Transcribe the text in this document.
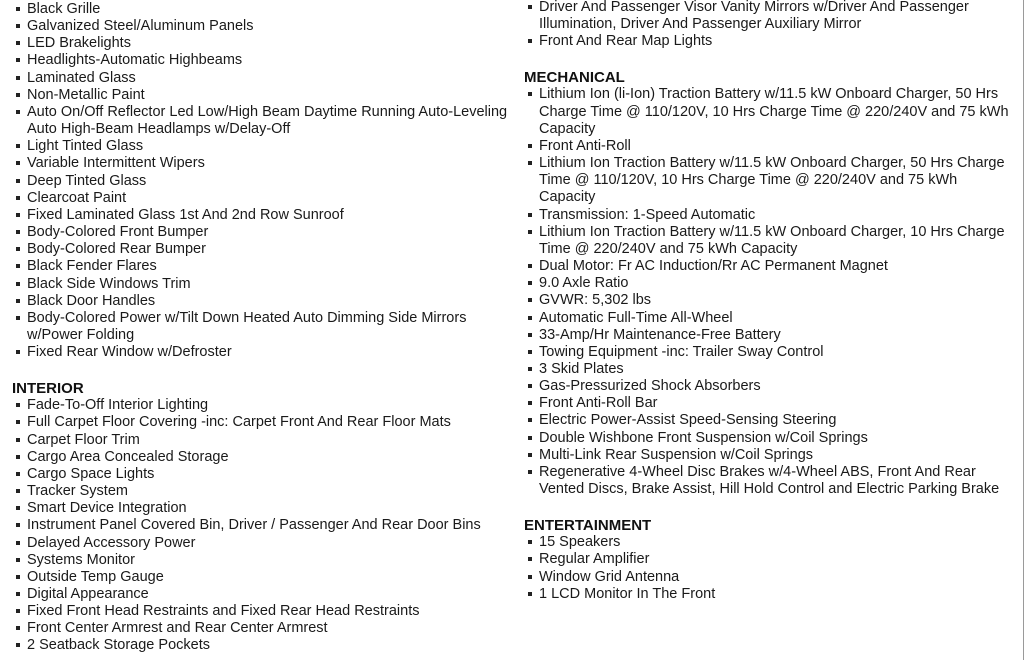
Black Grille
Galvanized Steel/Aluminum Panels
LED Brakelights
Headlights-Automatic Highbeams
Laminated Glass
Non-Metallic Paint
Auto On/Off Reflector Led Low/High Beam Daytime Running Auto-Leveling Auto High-Beam Headlamps w/Delay-Off
Light Tinted Glass
Variable Intermittent Wipers
Deep Tinted Glass
Clearcoat Paint
Fixed Laminated Glass 1st And 2nd Row Sunroof
Body-Colored Front Bumper
Body-Colored Rear Bumper
Black Fender Flares
Black Side Windows Trim
Black Door Handles
Body-Colored Power w/Tilt Down Heated Auto Dimming Side Mirrors w/Power Folding
Fixed Rear Window w/Defroster
INTERIOR
Fade-To-Off Interior Lighting
Full Carpet Floor Covering -inc: Carpet Front And Rear Floor Mats
Carpet Floor Trim
Cargo Area Concealed Storage
Cargo Space Lights
Tracker System
Smart Device Integration
Instrument Panel Covered Bin, Driver / Passenger And Rear Door Bins
Delayed Accessory Power
Systems Monitor
Outside Temp Gauge
Digital Appearance
Fixed Front Head Restraints and Fixed Rear Head Restraints
Front Center Armrest and Rear Center Armrest
2 Seatback Storage Pockets
Driver And Passenger Visor Vanity Mirrors w/Driver And Passenger Illumination, Driver And Passenger Auxiliary Mirror
Front And Rear Map Lights
MECHANICAL
Lithium Ion (li-Ion) Traction Battery w/11.5 kW Onboard Charger, 50 Hrs Charge Time @ 110/120V, 10 Hrs Charge Time @ 220/240V and 75 kWh Capacity
Front Anti-Roll
Lithium Ion Traction Battery w/11.5 kW Onboard Charger, 50 Hrs Charge Time @ 110/120V, 10 Hrs Charge Time @ 220/240V and 75 kWh Capacity
Transmission: 1-Speed Automatic
Lithium Ion Traction Battery w/11.5 kW Onboard Charger, 10 Hrs Charge Time @ 220/240V and 75 kWh Capacity
Dual Motor: Fr AC Induction/Rr AC Permanent Magnet
9.0 Axle Ratio
GVWR: 5,302 lbs
Automatic Full-Time All-Wheel
33-Amp/Hr Maintenance-Free Battery
Towing Equipment -inc: Trailer Sway Control
3 Skid Plates
Gas-Pressurized Shock Absorbers
Front Anti-Roll Bar
Electric Power-Assist Speed-Sensing Steering
Double Wishbone Front Suspension w/Coil Springs
Multi-Link Rear Suspension w/Coil Springs
Regenerative 4-Wheel Disc Brakes w/4-Wheel ABS, Front And Rear Vented Discs, Brake Assist, Hill Hold Control and Electric Parking Brake
ENTERTAINMENT
15 Speakers
Regular Amplifier
Window Grid Antenna
1 LCD Monitor In The Front
